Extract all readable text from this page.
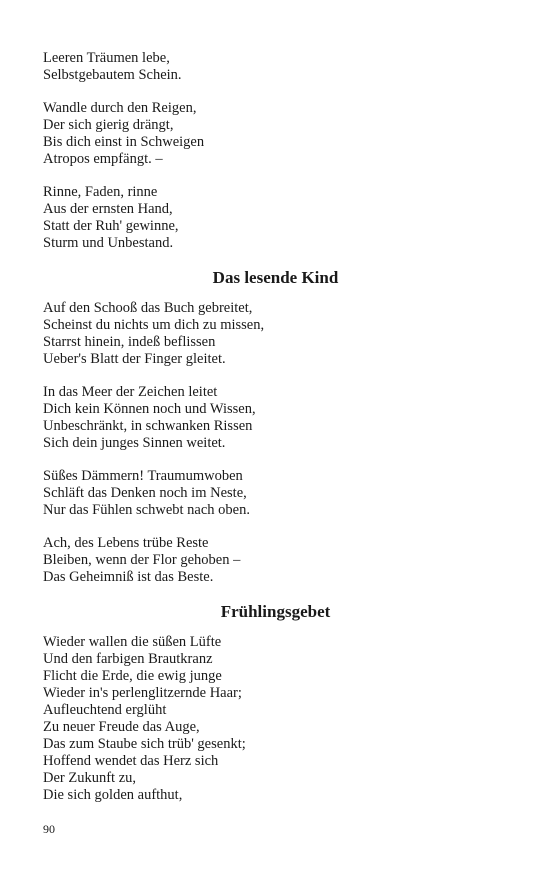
Leeren Träumen lebe,
Selbstgebautem Schein.
Wandle durch den Reigen,
Der sich gierig drängt,
Bis dich einst in Schweigen
Atropos empfängt. –
Rinne, Faden, rinne
Aus der ernsten Hand,
Statt der Ruh' gewinne,
Sturm und Unbestand.
Das lesende Kind
Auf den Schooß das Buch gebreitet,
Scheinst du nichts um dich zu missen,
Starrst hinein, indeß beflissen
Ueber's Blatt der Finger gleitet.
In das Meer der Zeichen leitet
Dich kein Können noch und Wissen,
Unbeschränkt, in schwanken Rissen
Sich dein junges Sinnen weitet.
Süßes Dämmern! Traumumwoben
Schläft das Denken noch im Neste,
Nur das Fühlen schwebt nach oben.
Ach, des Lebens trübe Reste
Bleiben, wenn der Flor gehoben –
Das Geheimniß ist das Beste.
Frühlingsgebet
Wieder wallen die süßen Lüfte
Und den farbigen Brautkranz
Flicht die Erde, die ewig junge
Wieder in's perlenglitzernde Haar;
Aufleuchtend erglüht
Zu neuer Freude das Auge,
Das zum Staube sich trüb' gesenkt;
Hoffend wendet das Herz sich
Der Zukunft zu,
Die sich golden aufthut,
90
